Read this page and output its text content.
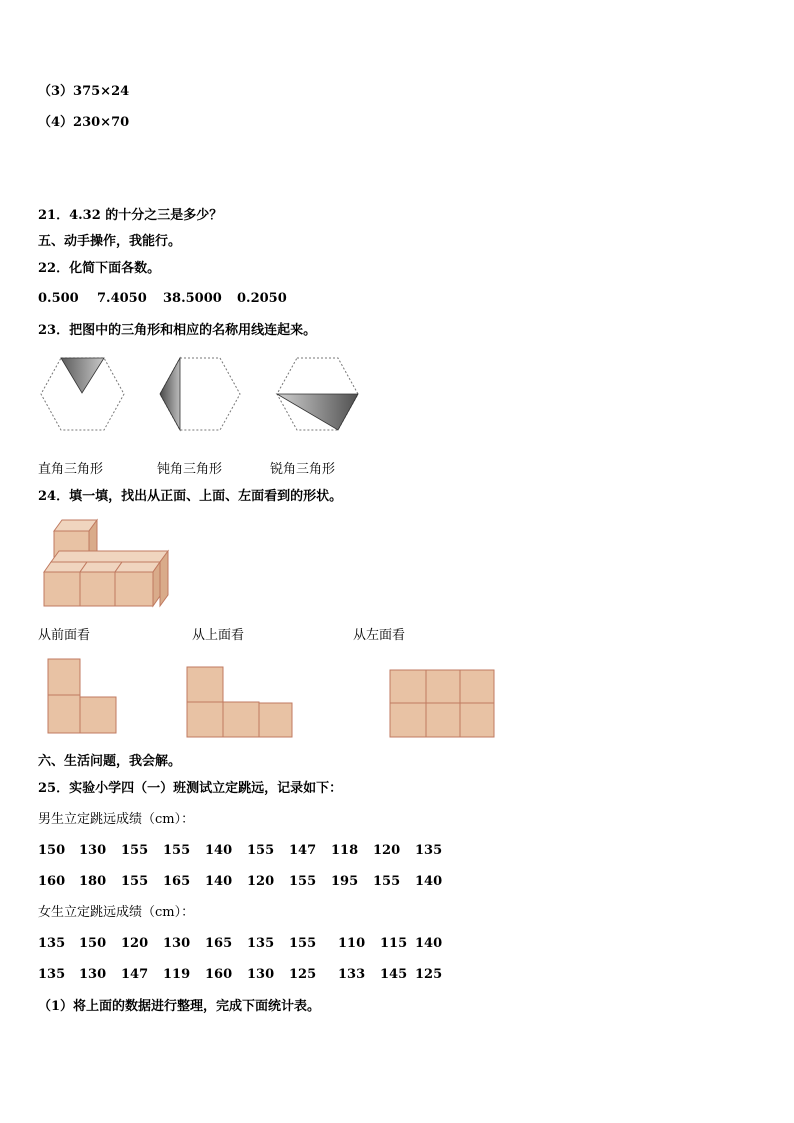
（3）375×24
（4）230×70
21．4.32 的十分之三是多少？
五、动手操作，我能行。
22．化简下面各数。
0.500 7.4050 38.5000 0.2050
23．把图中的三角形和相应的名称用线连起来。
直角三角形	钝角三角形	锐角三角形
24．填一填，找出从正面、上面、左面看到的形状。
从前面看	从上面看	从左面看
六、生活问题，我会解。
25．实验小学四（一）班测试立定跳远，记录如下：
男生立定跳远成绩（cm）：
150 130 155 155 140 155 147 118 120 135
160 180 155 165 140 120 155 195 155 140
女生立定跳远成绩（cm）：
135 150 120 130 165 135 155 110 115 140
135 130 147 119 160 130 125 133 145 125
（1）将上面的数据进行整理，完成下面统计表。
